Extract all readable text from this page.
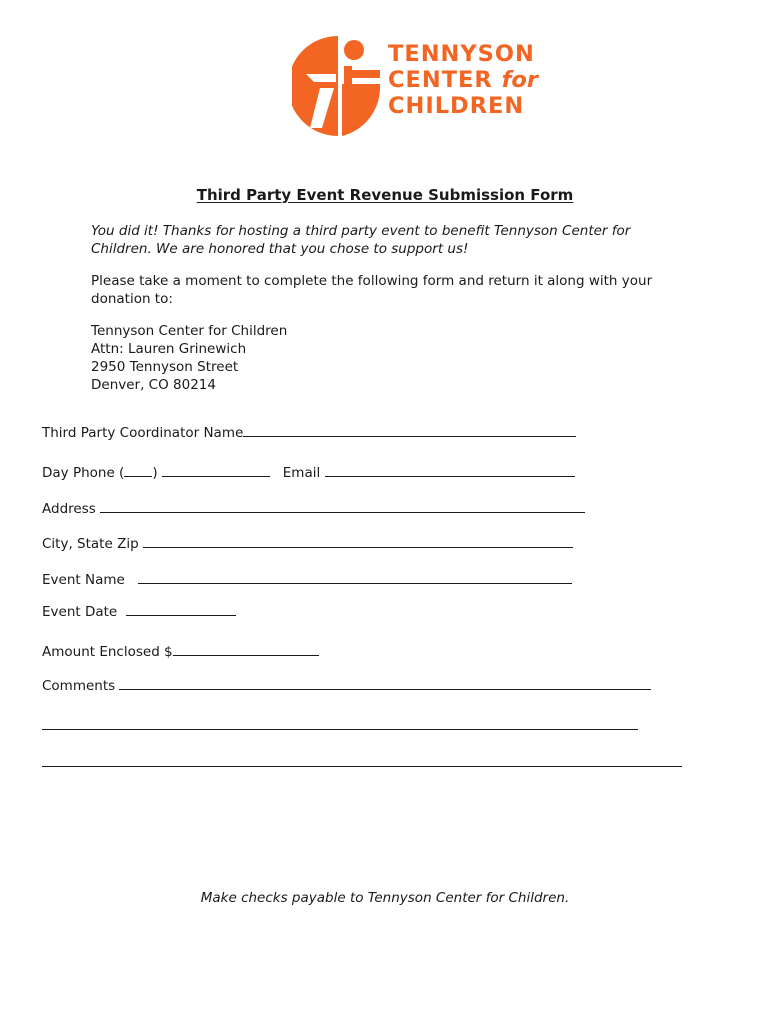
TENNYSON
CENTER for
CHILDREN
Third Party Event Revenue Submission Form
You did it! Thanks for hosting a third party event to benefit Tennyson Center for Children. We are honored that you chose to support us!
Please take a moment to complete the following form and return it along with your donation to:
Tennyson Center for Children
Attn: Lauren Grinewich
2950 Tennyson Street
Denver, CO 80214
Third Party Coordinator Name
Day Phone ( )	Email
Address
City, State Zip
Event Name
Event Date
Amount Enclosed $
Comments
Make checks payable to Tennyson Center for Children.
